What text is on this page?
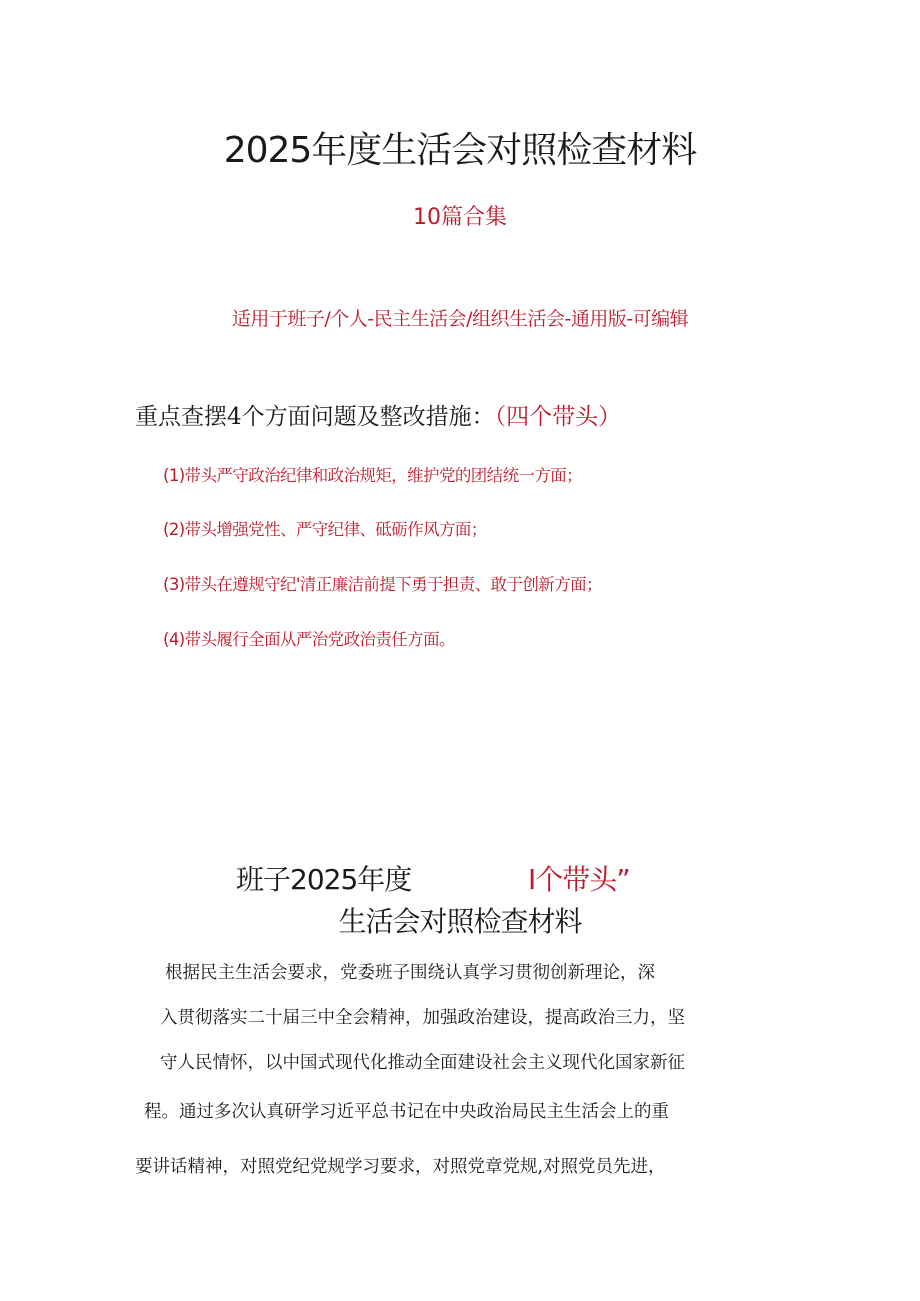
2025年度生活会对照检查材料
10篇合集
适用于班子/个人-民主生活会/组织生活会-通用版-可编辑
重点查摆4个方面问题及整改措施：（四个带头）
(1)带头严守政治纪律和政治规矩，维护党的团结统一方面；
(2)带头增强党性、严守纪律、砥砺作风方面；
(3)带头在遵规守纪'清正廉洁前提下勇于担责、敢于创新方面；
(4)带头履行全面从严治党政治责任方面。
班子2025年度	I个带头”
生活会对照检查材料
根据民主生活会要求，党委班子围绕认真学习贯彻创新理论，深
入贯彻落实二十届三中全会精神，加强政治建设，提高政治三力，坚
守人民情怀，以中国式现代化推动全面建设社会主义现代化国家新征
程。通过多次认真研学习近平总书记在中央政治局民主生活会上的重
要讲话精神，对照党纪党规学习要求，对照党章党规,对照党员先进，
